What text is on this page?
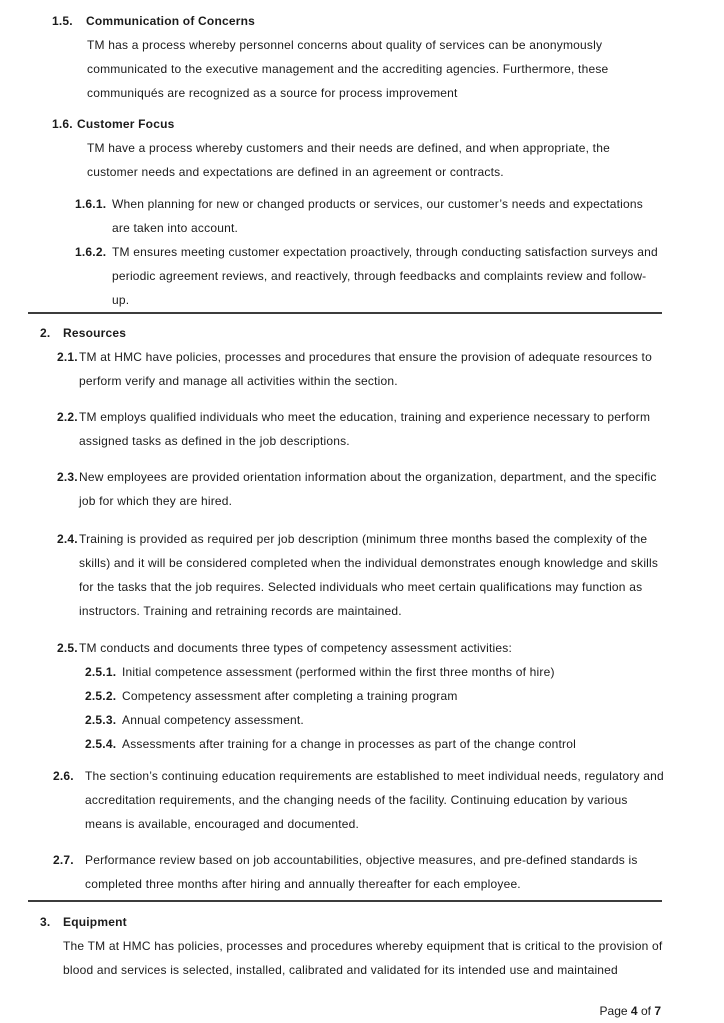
1.5. Communication of Concerns
TM has a process whereby personnel concerns about quality of services can be anonymously communicated to the executive management and the accrediting agencies. Furthermore, these communiqués are recognized as a source for process improvement
1.6. Customer Focus
TM have a process whereby customers and their needs are defined, and when appropriate, the customer needs and expectations are defined in an agreement or contracts.
1.6.1. When planning for new or changed products or services, our customer’s needs and expectations are taken into account.
1.6.2. TM ensures meeting customer expectation proactively, through conducting satisfaction surveys and periodic agreement reviews, and reactively, through feedbacks and complaints review and follow-up.
2. Resources
2.1. TM at HMC have policies, processes and procedures that ensure the provision of adequate resources to perform verify and manage all activities within the section.
2.2. TM employs qualified individuals who meet the education, training and experience necessary to perform assigned tasks as defined in the job descriptions.
2.3. New employees are provided orientation information about the organization, department, and the specific job for which they are hired.
2.4. Training is provided as required per job description (minimum three months based the complexity of the skills) and it will be considered completed when the individual demonstrates enough knowledge and skills for the tasks that the job requires. Selected individuals who meet certain qualifications may function as instructors. Training and retraining records are maintained.
2.5. TM conducts and documents three types of competency assessment activities:
2.5.1. Initial competence assessment (performed within the first three months of hire)
2.5.2. Competency assessment after completing a training program
2.5.3. Annual competency assessment.
2.5.4. Assessments after training for a change in processes as part of the change control
2.6. The section’s continuing education requirements are established to meet individual needs, regulatory and accreditation requirements, and the changing needs of the facility. Continuing education by various means is available, encouraged and documented.
2.7. Performance review based on job accountabilities, objective measures, and pre-defined standards is completed three months after hiring and annually thereafter for each employee.
3. Equipment
The TM at HMC has policies, processes and procedures whereby equipment that is critical to the provision of blood and services is selected, installed, calibrated and validated for its intended use and maintained
Page 4 of 7
